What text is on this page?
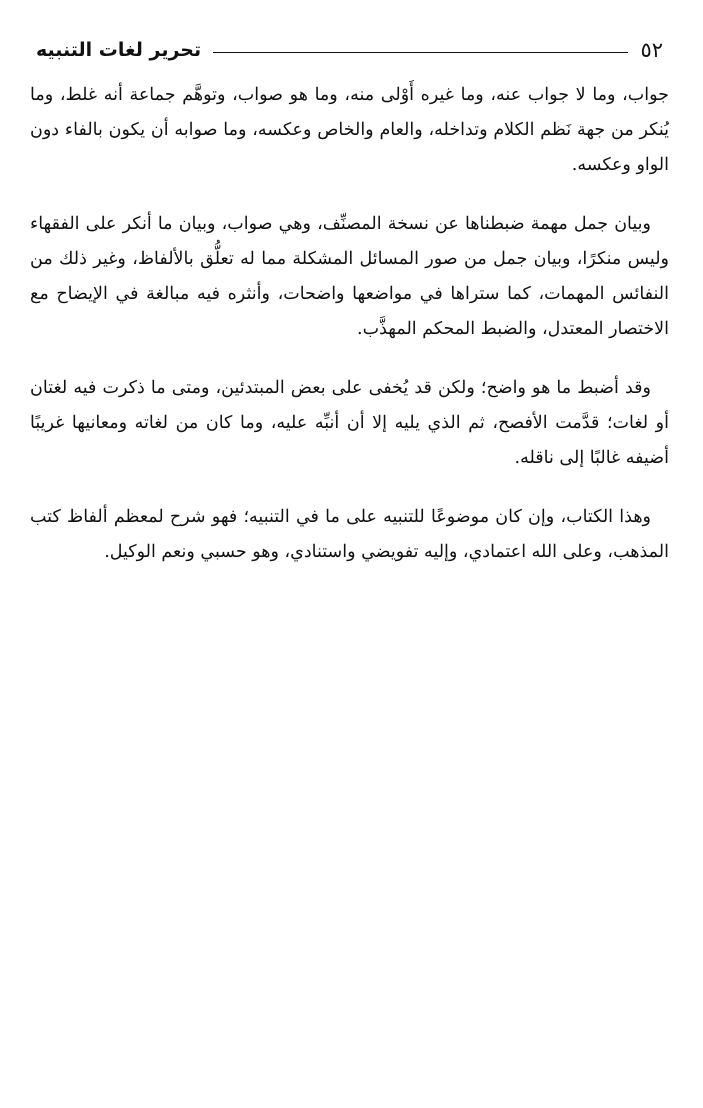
تحرير لغات التنبيه	٥٢

جواب، وما لا جواب عنه، وما غيره أَوْلى منه، وما هو صواب، وتوهَّم جماعة أنه غلط، وما يُنكر من جهة نَظم الكلام وتداخله، والعام والخاص وعكسه، وما صوابه أن يكون بالفاء دون الواو وعكسه.

وبيان جمل مهمة ضبطناها عن نسخة المصنِّف، وهي صواب، وبيان ما أنكر على الفقهاء وليس منكرًا، وبيان جمل من صور المسائل المشكلة مما له تعلُّق بالألفاظ، وغير ذلك من النفائس المهمات، كما ستراها في مواضعها واضحات، وأنثره فيه مبالغة في الإيضاح مع الاختصار المعتدل، والضبط المحكم المهذَّب.

وقد أضبط ما هو واضح؛ ولكن قد يُخفى على بعض المبتدئين، ومتى ما ذكرت فيه لغتان أو لغات؛ قدَّمت الأفصح، ثم الذي يليه إلا أن أنبِّه عليه، وما كان من لغاته ومعانيها غريبًا أضيفه غالبًا إلى ناقله.

وهذا الكتاب، وإن كان موضوعًا للتنبيه على ما في التنبيه؛ فهو شرح لمعظم ألفاظ كتب المذهب، وعلى الله اعتمادي، وإليه تفويضي واستنادي، وهو حسبي ونعم الوكيل.
